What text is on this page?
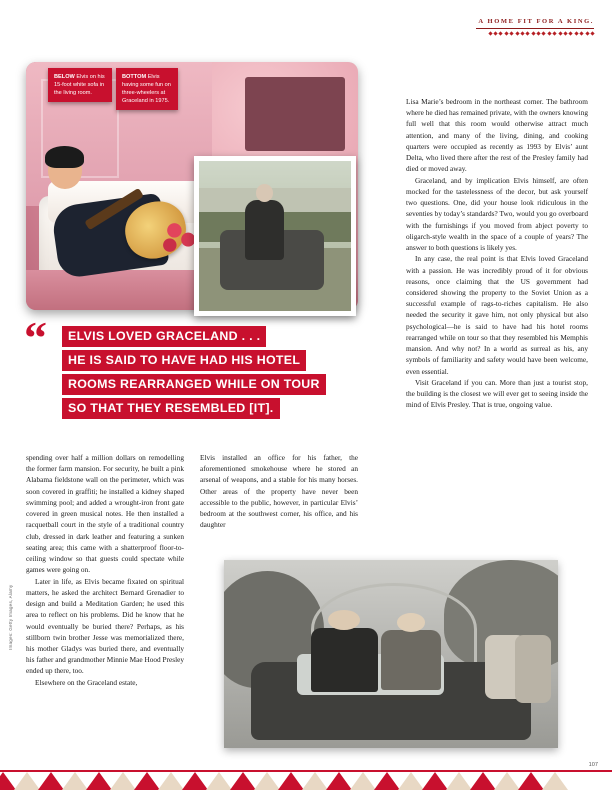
A HOME FIT FOR A KING.
BELOW Elvis on his 15-foot white sofa in the living room.
BOTTOM Elvis having some fun on three-wheelers at Graceland in 1975.
“	ELVIS LOVED GRACELAND . . .
HE IS SAID TO HAVE HAD HIS HOTEL
ROOMS REARRANGED WHILE ON TOUR
SO THAT THEY RESEMBLED [IT].

spending over half a million dollars on remodelling the former farm mansion. For security, he built a pink Alabama fieldstone wall on the perimeter, which was soon covered in graffiti; he installed a kidney shaped swimming pool; and added a wrought-iron front gate covered in green musical notes. He then installed a racquetball court in the style of a traditional country club, dressed in dark leather and featuring a sunken seating area; this came with a shatterproof floor-to-ceiling window so that guests could spectate while games were going on.

Later in life, as Elvis became fixated on spiritual matters, he asked the architect Bernard Grenadier to design and build a Meditation Garden; he used this area to reflect on his problems. Did he know that he would eventually be buried there? Perhaps, as his stillborn twin brother Jesse was memorialized there, his mother Gladys was buried there, and eventually his father and grandmother Minnie Mae Hood Presley ended up there, too.

Elsewhere on the Graceland estate,

Elvis installed an office for his father, the aforementioned smokehouse where he stored an arsenal of weapons, and a stable for his many horses. Other areas of the property have never been accessible to the public, however, in particular Elvis’ bedroom at the southwest corner, his office, and his daughter

Lisa Marie’s bedroom in the northeast corner. The bathroom where he died has remained private, with the owners knowing full well that this room would otherwise attract much attention, and many of the living, dining, and cooking quarters were occupied as recently as 1993 by Elvis’ aunt Delta, who lived there after the rest of the Presley family had died or moved away.

Graceland, and by implication Elvis himself, are often mocked for the tastelessness of the decor, but ask yourself two questions. One, did your house look ridiculous in the seventies by today’s standards? Two, would you go overboard with the furnishings if you moved from abject poverty to oligarch-style wealth in the space of a couple of years? The answer to both questions is likely yes.

In any case, the real point is that Elvis loved Graceland with a passion. He was incredibly proud of it for obvious reasons, once claiming that the US government had considered showing the property to the Soviet Union as a successful example of rags-to-riches capitalism. He also needed the security it gave him, not only physical but also psychological—he is said to have had his hotel rooms rearranged while on tour so that they resembled his Memphis mansion. And why not? In a world as surreal as his, any symbols of familiarity and safety would have been welcome, even essential.

Visit Graceland if you can. More than just a tourist stop, the building is the closest we will ever get to seeing inside the mind of Elvis Presley. That is true, ongoing value.

Images: Getty Images, Alamy
107
